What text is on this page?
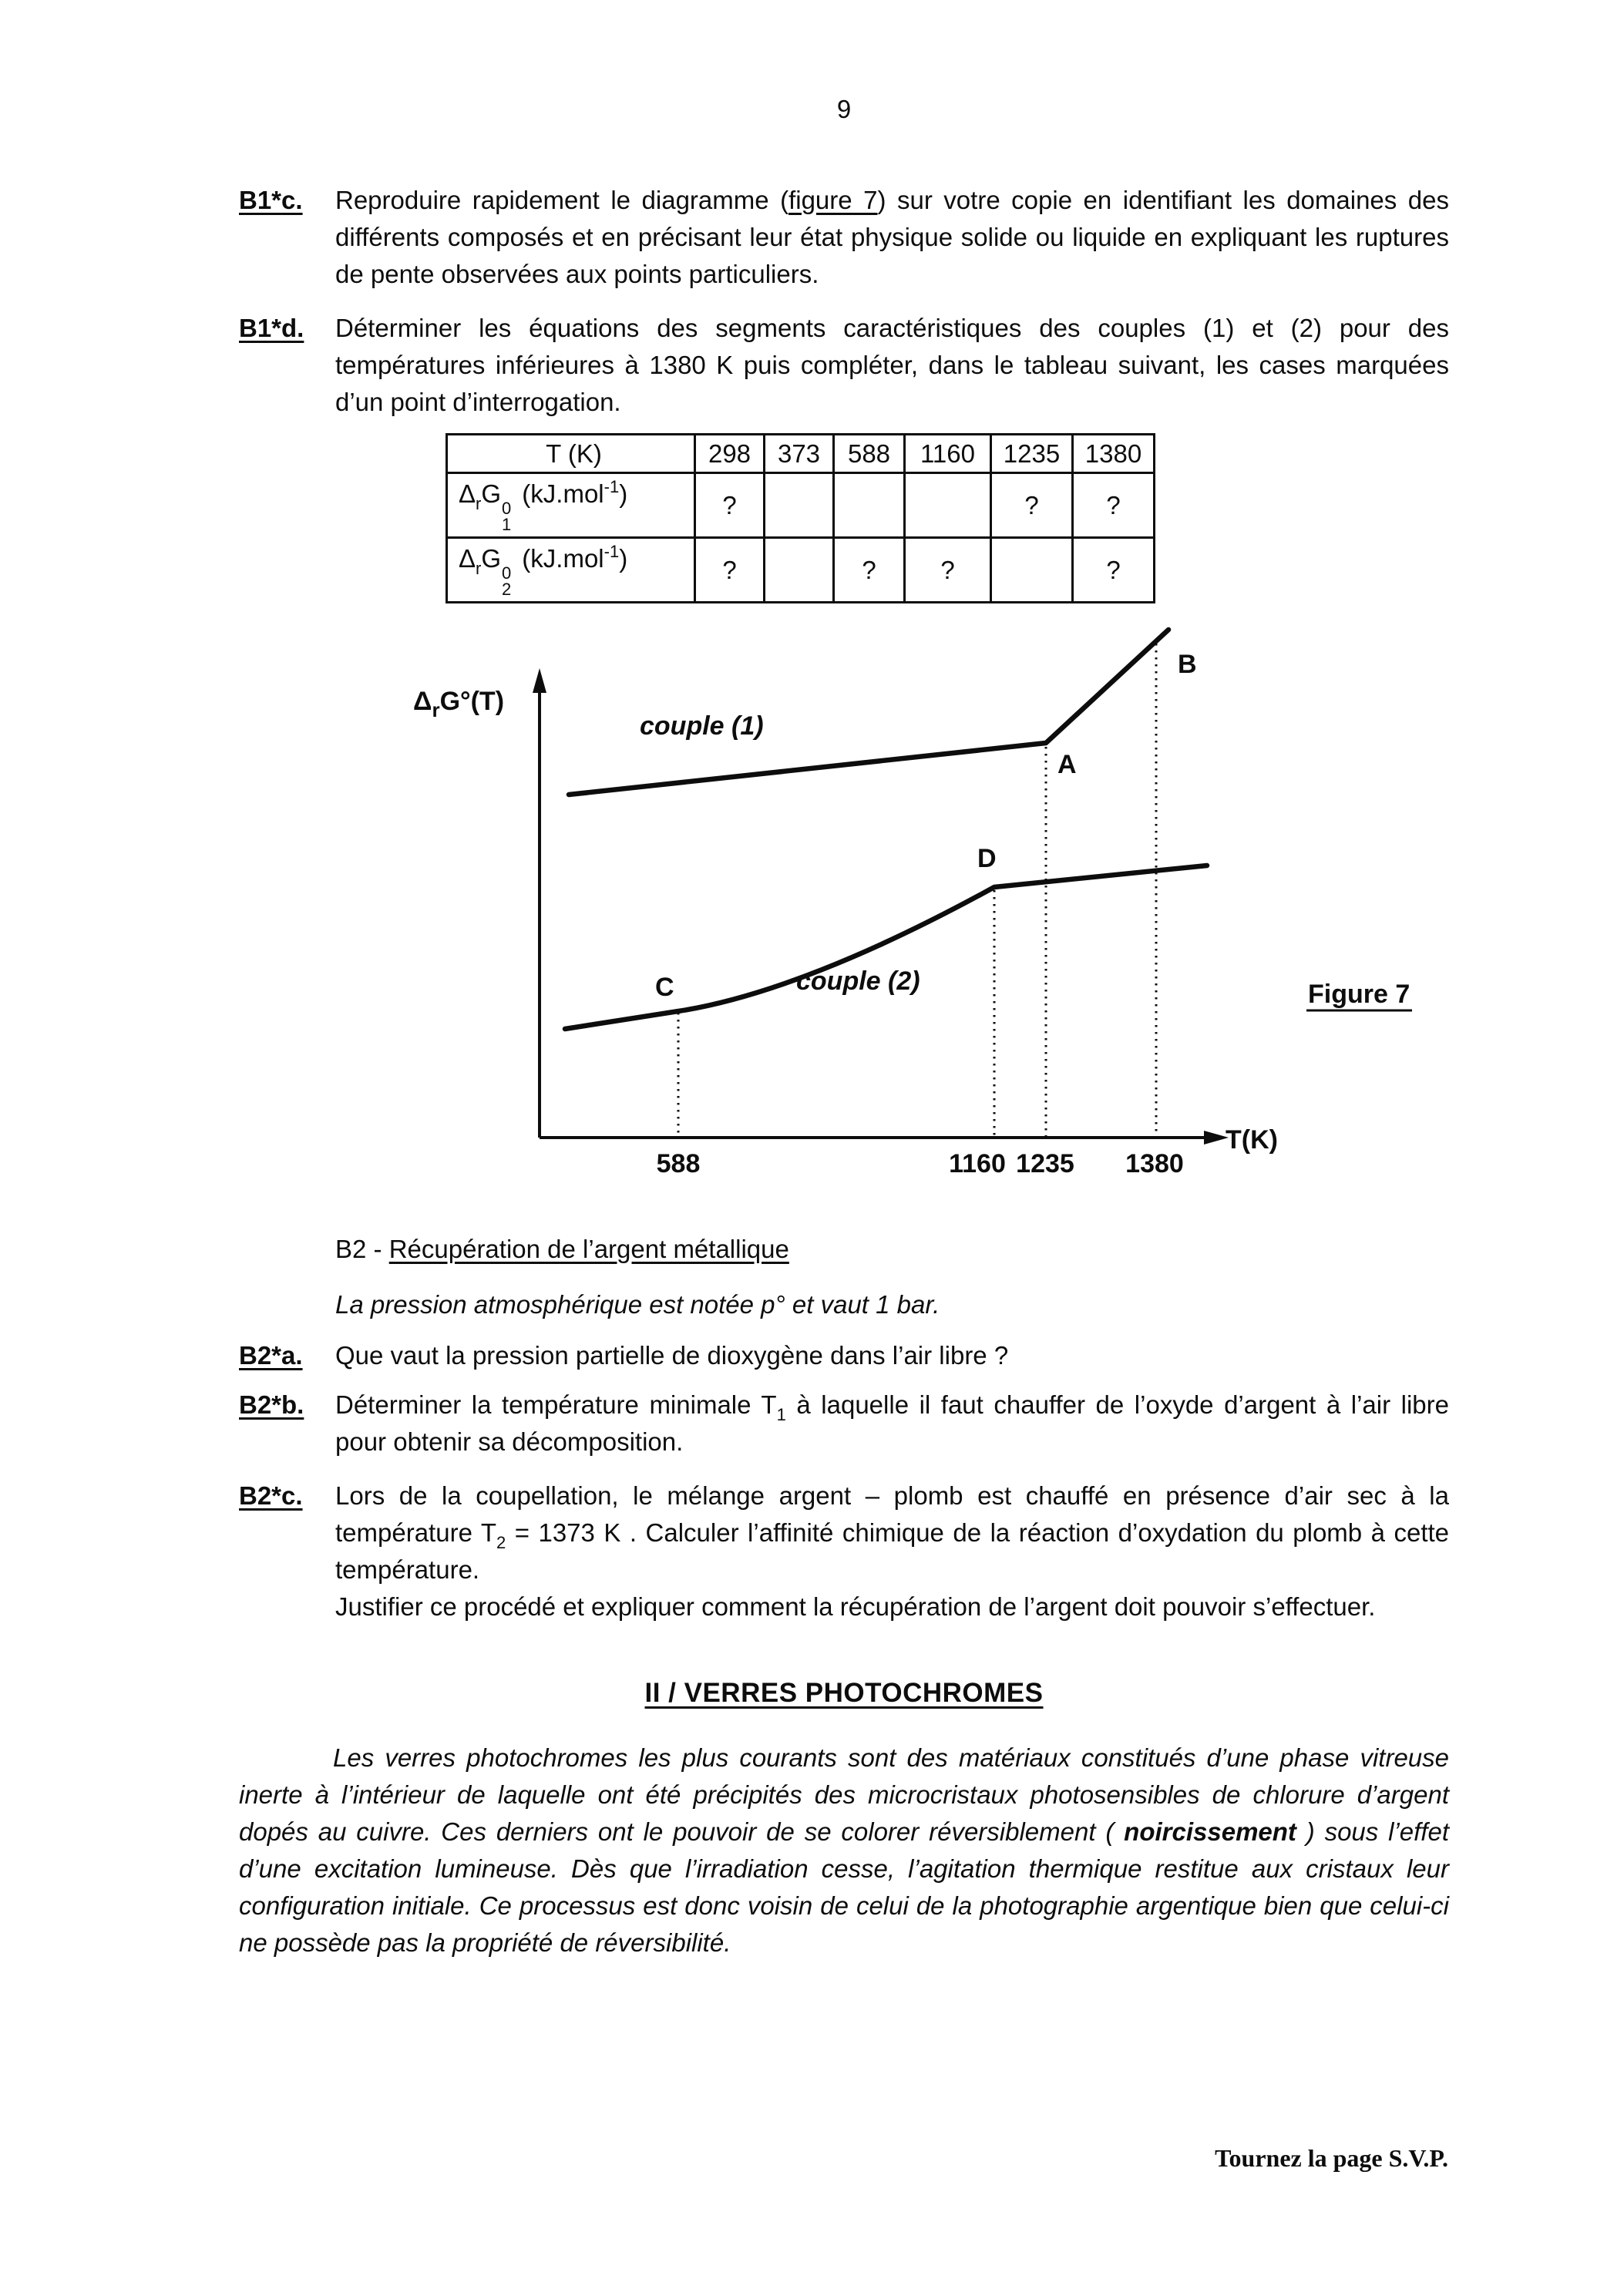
9
B1*c.	Reproduire rapidement le diagramme (figure 7) sur votre copie en identifiant les domaines des différents composés et en précisant leur état physique solide ou liquide en expliquant les ruptures de pente observées aux points particuliers.
B1*d.	Déterminer les équations des segments caractéristiques des couples (1) et (2) pour des températures inférieures à 1380 K puis compléter, dans le tableau suivant, les cases marquées d’un point d’interrogation.
T (K)	298	373	588	1160	1235	1380
$\Delta_rG$
0
1
(kJ.mol$^{-1}$)	?				?	?
$\Delta_rG$
0
2
(kJ.mol$^{-1}$)	?		?	?		?
$\Delta_rG^\circ(T)$
T(K)
couple (1)
couple (2)
A
B
C
D
588	1160 1235 1380
Figure 7
B2 - Récupération de l’argent métallique
La pression atmosphérique est notée p° et vaut 1 bar.
B2*a.	Que vaut la pression partielle de dioxygène dans l’air libre ?
B2*b.	Déterminer la température minimale $T_1$ à laquelle il faut chauffer de l’oxyde d’argent à l’air libre pour obtenir sa décomposition.
B2*c.	Lors de la coupellation, le mélange argent – plomb est chauffé en présence d’air sec à la température $T_2 = 1373$ K . Calculer l’affinité chimique de la réaction d’oxydation du plomb à cette température.
Justifier ce procédé et expliquer comment la récupération de l’argent doit pouvoir s’effectuer.
II / VERRES PHOTOCHROMES
Les verres photochromes les plus courants sont des matériaux constitués d’une phase vitreuse inerte à l’intérieur de laquelle ont été précipités des microcristaux photosensibles de chlorure d’argent dopés au cuivre. Ces derniers ont le pouvoir de se colorer réversiblement ( noircissement ) sous l’effet d’une excitation lumineuse. Dès que l’irradiation cesse, l’agitation thermique restitue aux cristaux leur configuration initiale. Ce processus est donc voisin de celui de la photographie argentique bien que celui-ci ne possède pas la propriété de réversibilité.
Tournez la page S.V.P.
